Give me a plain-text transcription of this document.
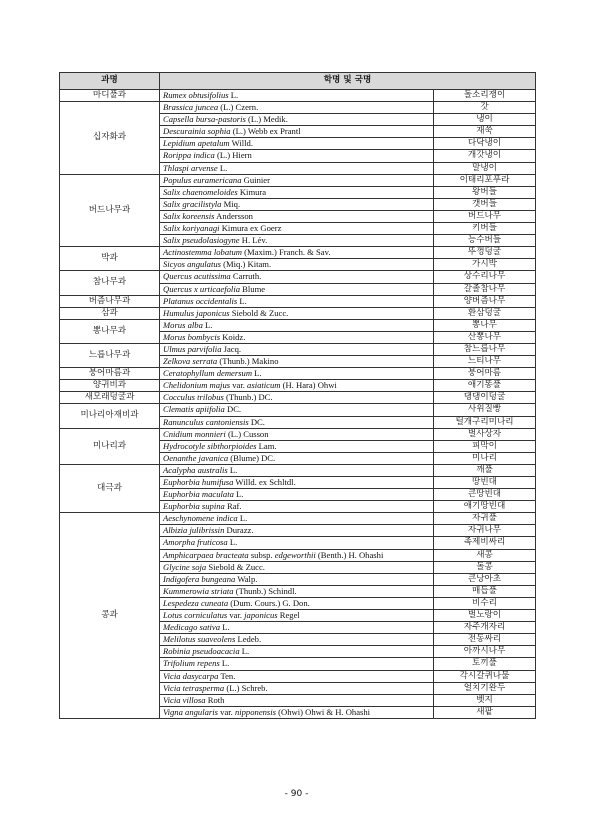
과명	학명 및 국명	
마디풀과	Rumex obtusifolius L.	돌소리쟁이
십자화과	Brassica juncea (L.) Czern.	갓
	Capsella bursa-pastoris (L.) Medik.	냉이
	Descurainia sophia (L.) Webb ex Prantl	재쑥
	Lepidium apetalum Willd.	다닥냉이
	Rorippa indica (L.) Hiern	개갓냉이
	Thlaspi arvense L.	말냉이
버드나무과	Populus euramericana Guinier	이태리포푸라
	Salix chaenomeloides Kimura	왕버들
	Salix gracilistyla Miq.	갯버들
	Salix koreensis Andersson	버드나무
	Salix koriyanagi Kimura ex Goerz	키버들
	Salix pseudolasiogyne H. Lév.	능수버들
박과	Actinostemma lobatum (Maxim.) Franch. & Sav.	뚜껑덩굴
	Sicyos angulatus (Miq.) Kitam.	가시박
참나무과	Quercus acutissima Carruth.	상수리나무
	Quercus x urticaefolia Blume	갈졸참나무
버즘나무과	Platanus occidentalis L.	양버즘나무
삼과	Humulus japonicus Siebold & Zucc.	환삼덩굴
뽕나무과	Morus alba L.	뽕나무
	Morus bombycis Koidz.	산뽕나무
느릅나무과	Ulmus parvifolia Jacq.	참느릅나무
	Zelkova serrata (Thunb.) Makino	느티나무
붕어마름과	Ceratophyllum demersum L.	붕어마름
양귀비과	Chelidonium majus var. asiaticum (H. Hara) Ohwi	애기똥풀
새모래덩굴과	Cocculus trilobus (Thunb.) DC.	댕댕이덩굴
미나리아재비과	Clematis apiifolia DC.	사위질빵
	Ranunculus cantoniensis DC.	털개구리미나리
미나리과	Cnidium monnieri (L.) Cusson	벌사상자
	Hydrocotyle sibthorpioides Lam.	피막이
	Oenanthe javanica (Blume) DC.	미나리
대극과	Acalypha australis L.	깨풀
	Euphorbia humifusa Willd. ex Schltdl.	땅빈대
	Euphorbia maculata L.	큰땅빈대
	Euphorbia supina Raf.	애기땅빈대
콩과	Aeschynomene indica L.	자귀풀
	Albizia julibrissin Durazz.	자귀나무
	Amorpha fruticosa L.	족제비싸리
	Amphicarpaea bracteata subsp. edgeworthii (Benth.) H. Ohashi	새콩
	Glycine soja Siebold & Zucc.	돌콩
	Indigofera bungeana Walp.	큰낭아초
	Kummerowia striata (Thunb.) Schindl.	매듭풀
	Lespedeza cuneata (Dum. Cours.) G. Don.	비수리
	Lotus corniculatus var. japonicus Regel	벌노랑이
	Medicago sativa L.	자주개자리
	Melilotus suaveolens Ledeb.	전동싸리
	Robinia pseudoacacia L.	아까시나무
	Trifolium repens L.	토끼풀
	Vicia dasycarpa Ten.	각시갈퀴나물
	Vicia tetrasperma (L.) Schreb.	얼치기완두
	Vicia villosa Roth	벳지
	Vigna angularis var. nipponensis (Ohwi) Ohwi & H. Ohashi	새팥
- 90 -
